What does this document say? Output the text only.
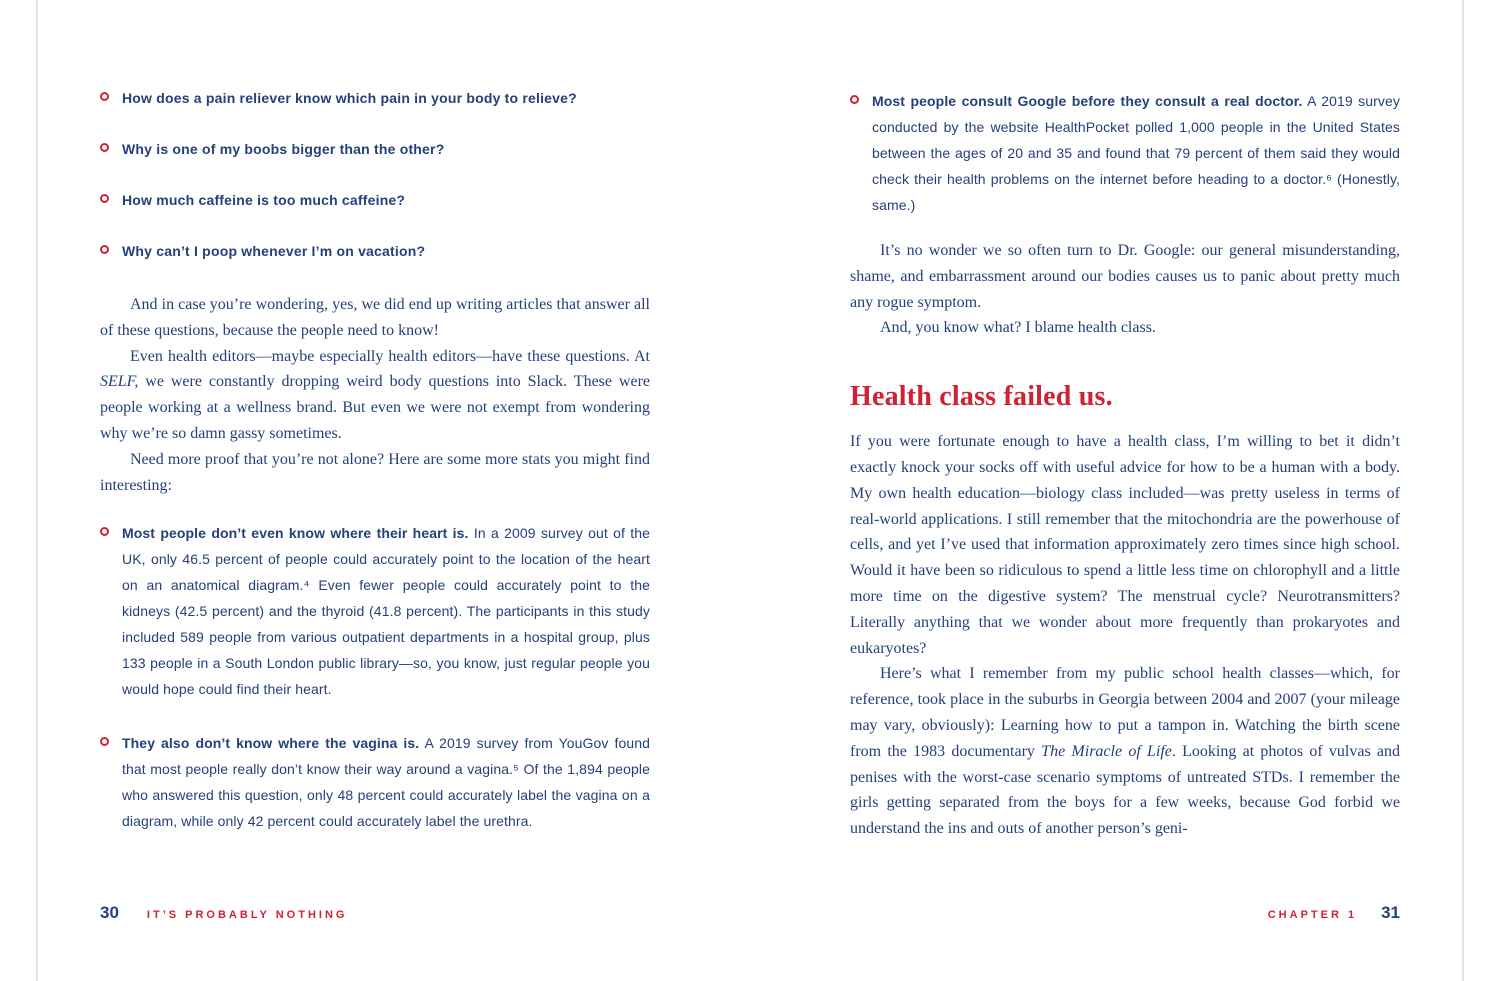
How does a pain reliever know which pain in your body to relieve?
Why is one of my boobs bigger than the other?
How much caffeine is too much caffeine?
Why can’t I poop whenever I’m on vacation?

And in case you’re wondering, yes, we did end up writing articles that answer all of these questions, because the people need to know!

Even health editors—maybe especially health editors—have these questions. At SELF, we were constantly dropping weird body questions into Slack. These were people working at a wellness brand. But even we were not exempt from wondering why we’re so damn gassy sometimes.

Need more proof that you’re not alone? Here are some more stats you might find interesting:

Most people don’t even know where their heart is. In a 2009 survey out of the UK, only 46.5 percent of people could accurately point to the location of the heart on an anatomical diagram.⁴ Even fewer people could accurately point to the kidneys (42.5 percent) and the thyroid (41.8 percent). The participants in this study included 589 people from various outpatient departments in a hospital group, plus 133 people in a South London public library—so, you know, just regular people you would hope could find their heart.
They also don’t know where the vagina is. A 2019 survey from YouGov found that most people really don’t know their way around a vagina.⁵ Of the 1,894 people who answered this question, only 48 percent could accurately label the vagina on a diagram, while only 42 percent could accurately label the urethra.
30	IT’S PROBABLY NOTHING
Most people consult Google before they consult a real doctor. A 2019 survey conducted by the website HealthPocket polled 1,000 people in the United States between the ages of 20 and 35 and found that 79 percent of them said they would check their health problems on the internet before heading to a doctor.⁶ (Honestly, same.)

It’s no wonder we so often turn to Dr. Google: our general misunderstanding, shame, and embarrassment around our bodies causes us to panic about pretty much any rogue symptom.

And, you know what? I blame health class.

Health class failed us.

If you were fortunate enough to have a health class, I’m willing to bet it didn’t exactly knock your socks off with useful advice for how to be a human with a body. My own health education—biology class included—was pretty useless in terms of real-world applications. I still remember that the mitochondria are the powerhouse of cells, and yet I’ve used that information approximately zero times since high school. Would it have been so ridiculous to spend a little less time on chlorophyll and a little more time on the digestive system? The menstrual cycle? Neurotransmitters? Literally anything that we wonder about more frequently than prokaryotes and eukaryotes?

Here’s what I remember from my public school health classes—which, for reference, took place in the suburbs in Georgia between 2004 and 2007 (your mileage may vary, obviously): Learning how to put a tampon in. Watching the birth scene from the 1983 documentary The Miracle of Life. Looking at photos of vulvas and penises with the worst-case scenario symptoms of untreated STDs. I remember the girls getting separated from the boys for a few weeks, because God forbid we understand the ins and outs of another person’s geni-

CHAPTER 1 31
